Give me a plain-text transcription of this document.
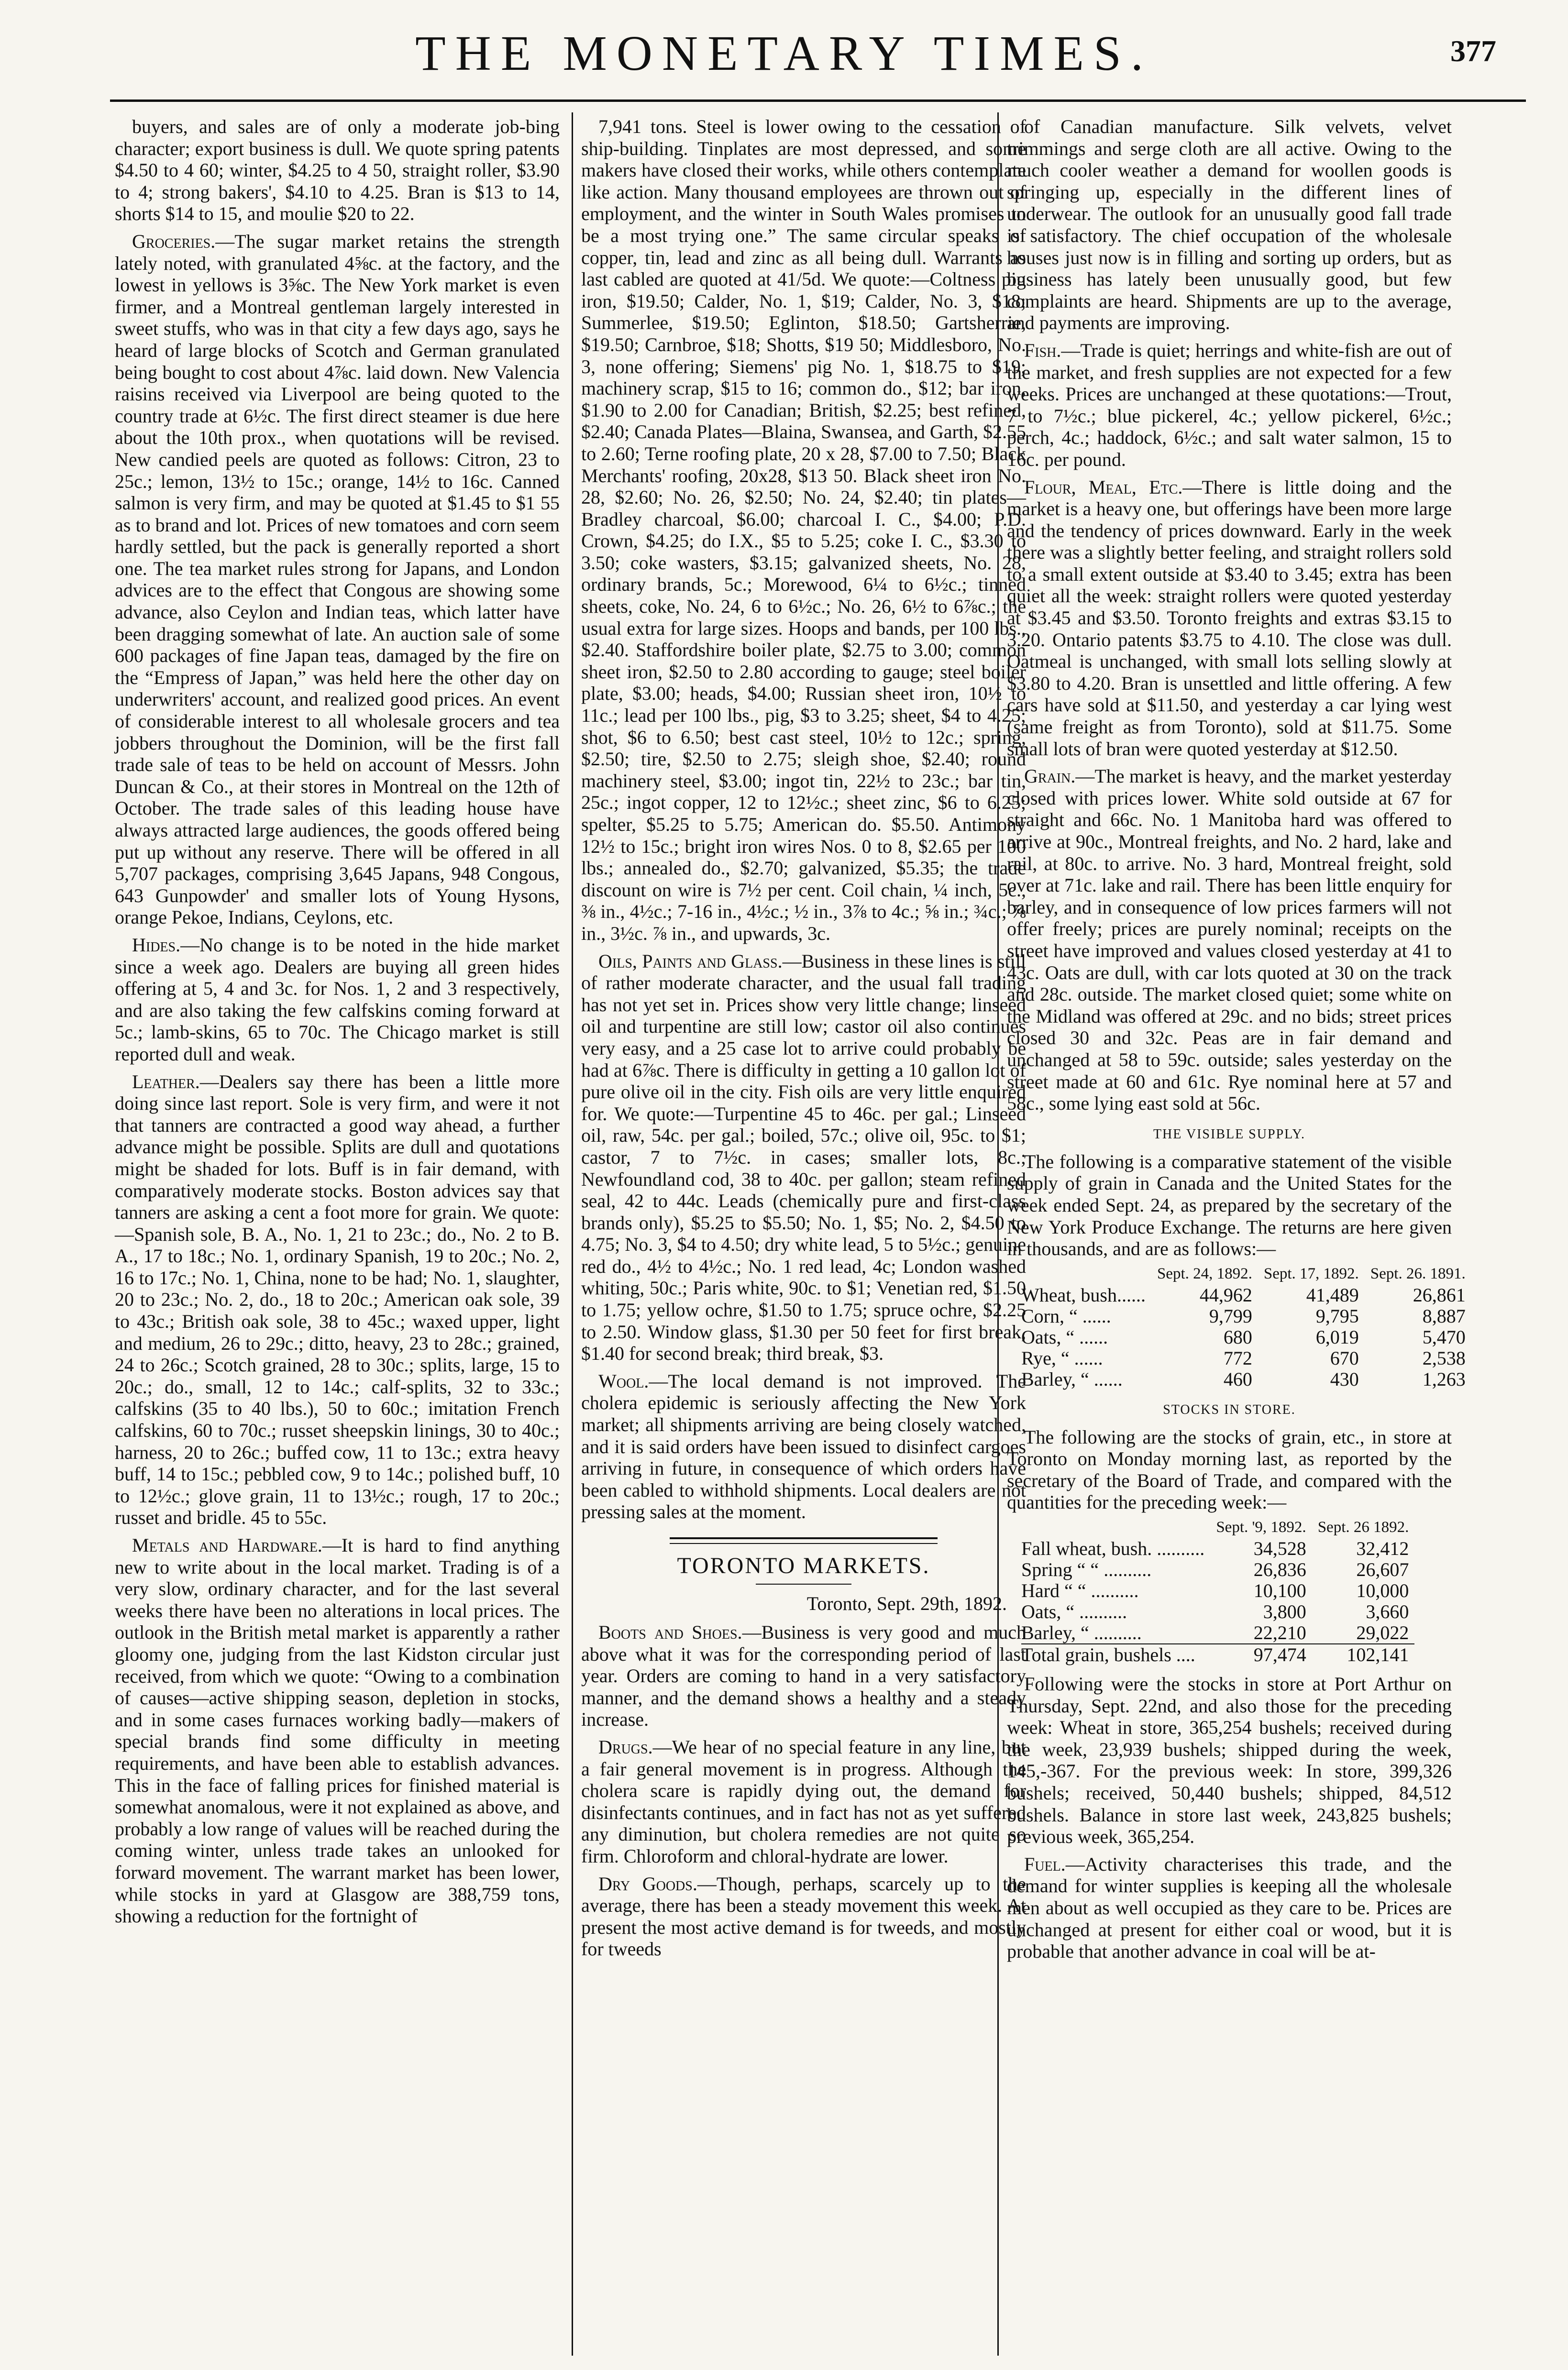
THE MONETARY TIMES.	377

buyers, and sales are of only a moderate job-bing character; export business is dull. We quote spring patents $4.50 to 4 60; winter, $4.25 to 4 50, straight roller, $3.90 to 4; strong bakers', $4.10 to 4.25. Bran is $13 to 14, shorts $14 to 15, and moulie $20 to 22.

Groceries.—The sugar market retains the strength lately noted, with granulated 4⅝c. at the factory, and the lowest in yellows is 3⅝c. The New York market is even firmer, and a Montreal gentleman largely interested in sweet stuffs, who was in that city a few days ago, says he heard of large blocks of Scotch and German granulated being bought to cost about 4⅞c. laid down. New Valencia raisins received via Liverpool are being quoted to the country trade at 6½c. The first direct steamer is due here about the 10th prox., when quotations will be revised. New candied peels are quoted as follows: Citron, 23 to 25c.; lemon, 13½ to 15c.; orange, 14½ to 16c. Canned salmon is very firm, and may be quoted at $1.45 to $1 55 as to brand and lot. Prices of new tomatoes and corn seem hardly settled, but the pack is generally reported a short one. The tea market rules strong for Japans, and London advices are to the effect that Congous are showing some advance, also Ceylon and Indian teas, which latter have been dragging somewhat of late. An auction sale of some 600 packages of fine Japan teas, damaged by the fire on the “Empress of Japan,” was held here the other day on underwriters' account, and realized good prices. An event of considerable interest to all wholesale grocers and tea jobbers throughout the Dominion, will be the first fall trade sale of teas to be held on account of Messrs. John Duncan & Co., at their stores in Montreal on the 12th of October. The trade sales of this leading house have always attracted large audiences, the goods offered being put up without any reserve. There will be offered in all 5,707 packages, comprising 3,645 Japans, 948 Congous, 643 Gunpowder' and smaller lots of Young Hysons, orange Pekoe, Indians, Ceylons, etc.

Hides.—No change is to be noted in the hide market since a week ago. Dealers are buying all green hides offering at 5, 4 and 3c. for Nos. 1, 2 and 3 respectively, and are also taking the few calfskins coming forward at 5c.; lamb-skins, 65 to 70c. The Chicago market is still reported dull and weak.

Leather.—Dealers say there has been a little more doing since last report. Sole is very firm, and were it not that tanners are contracted a good way ahead, a further advance might be possible. Splits are dull and quotations might be shaded for lots. Buff is in fair demand, with comparatively moderate stocks. Boston advices say that tanners are asking a cent a foot more for grain. We quote:—Spanish sole, B. A., No. 1, 21 to 23c.; do., No. 2 to B. A., 17 to 18c.; No. 1, ordinary Spanish, 19 to 20c.; No. 2, 16 to 17c.; No. 1, China, none to be had; No. 1, slaughter, 20 to 23c.; No. 2, do., 18 to 20c.; American oak sole, 39 to 43c.; British oak sole, 38 to 45c.; waxed upper, light and medium, 26 to 29c.; ditto, heavy, 23 to 28c.; grained, 24 to 26c.; Scotch grained, 28 to 30c.; splits, large, 15 to 20c.; do., small, 12 to 14c.; calf-splits, 32 to 33c.; calfskins (35 to 40 lbs.), 50 to 60c.; imitation French calfskins, 60 to 70c.; russet sheepskin linings, 30 to 40c.; harness, 20 to 26c.; buffed cow, 11 to 13c.; extra heavy buff, 14 to 15c.; pebbled cow, 9 to 14c.; polished buff, 10 to 12½c.; glove grain, 11 to 13½c.; rough, 17 to 20c.; russet and bridle. 45 to 55c.

Metals and Hardware.—It is hard to find anything new to write about in the local market. Trading is of a very slow, ordinary character, and for the last several weeks there have been no alterations in local prices. The outlook in the British metal market is apparently a rather gloomy one, judging from the last Kidston circular just received, from which we quote: “Owing to a combination of causes—active shipping season, depletion in stocks, and in some cases furnaces working badly—makers of special brands find some difficulty in meeting requirements, and have been able to establish advances. This in the face of falling prices for finished material is somewhat anomalous, were it not explained as above, and probably a low range of values will be reached during the coming winter, unless trade takes an unlooked for forward movement. The warrant market has been lower, while stocks in yard at Glasgow are 388,759 tons, showing a reduction for the fortnight of

7,941 tons. Steel is lower owing to the cessation of ship-building. Tinplates are most depressed, and some makers have closed their works, while others contemplate like action. Many thousand employees are thrown out of employment, and the winter in South Wales promises to be a most trying one.” The same circular speaks of copper, tin, lead and zinc as all being dull. Warrants as last cabled are quoted at 41/5d. We quote:—Coltness pig iron, $19.50; Calder, No. 1, $19; Calder, No. 3, $18; Summerlee, $19.50; Eglinton, $18.50; Gartsherrie, $19.50; Carnbroe, $18; Shotts, $19 50; Middlesboro, No. 3, none offering; Siemens' pig No. 1, $18.75 to $19; machinery scrap, $15 to 16; common do., $12; bar iron, $1.90 to 2.00 for Canadian; British, $2.25; best refined, $2.40; Canada Plates—Blaina, Swansea, and Garth, $2.55 to 2.60; Terne roofing plate, 20 x 28, $7.00 to 7.50; Black Merchants' roofing, 20x28, $13 50. Black sheet iron No. 28, $2.60; No. 26, $2.50; No. 24, $2.40; tin plates—Bradley charcoal, $6.00; charcoal I. C., $4.00; P.D. Crown, $4.25; do I.X., $5 to 5.25; coke I. C., $3.30 to 3.50; coke wasters, $3.15; galvanized sheets, No. 28, ordinary brands, 5c.; Morewood, 6¼ to 6½c.; tinned sheets, coke, No. 24, 6 to 6½c.; No. 26, 6½ to 6⅞c.; the usual extra for large sizes. Hoops and bands, per 100 lbs., $2.40. Staffordshire boiler plate, $2.75 to 3.00; common sheet iron, $2.50 to 2.80 according to gauge; steel boiler plate, $3.00; heads, $4.00; Russian sheet iron, 10½ to 11c.; lead per 100 lbs., pig, $3 to 3.25; sheet, $4 to 4.25; shot, $6 to 6.50; best cast steel, 10½ to 12c.; spring, $2.50; tire, $2.50 to 2.75; sleigh shoe, $2.40; round machinery steel, $3.00; ingot tin, 22½ to 23c.; bar tin, 25c.; ingot copper, 12 to 12½c.; sheet zinc, $6 to 6.25; spelter, $5.25 to 5.75; American do. $5.50. Antimony 12½ to 15c.; bright iron wires Nos. 0 to 8, $2.65 per 100 lbs.; annealed do., $2.70; galvanized, $5.35; the trade discount on wire is 7½ per cent. Coil chain, ¼ inch, 5c., ⅜ in., 4½c.; 7-16 in., 4½c.; ½ in., 3⅞ to 4c.; ⅝ in.; ¾c.; ⅞ in., 3½c. ⅞ in., and upwards, 3c.

Oils, Paints and Glass.—Business in these lines is still of rather moderate character, and the usual fall trading has not yet set in. Prices show very little change; linseed oil and turpentine are still low; castor oil also continues very easy, and a 25 case lot to arrive could probably be had at 6⅞c. There is difficulty in getting a 10 gallon lot of pure olive oil in the city. Fish oils are very little enquired for. We quote:—Turpentine 45 to 46c. per gal.; Linseed oil, raw, 54c. per gal.; boiled, 57c.; olive oil, 95c. to $1; castor, 7 to 7½c. in cases; smaller lots, 8c.; Newfoundland cod, 38 to 40c. per gallon; steam refined seal, 42 to 44c. Leads (chemically pure and first-class brands only), $5.25 to $5.50; No. 1, $5; No. 2, $4.50 to 4.75; No. 3, $4 to 4.50; dry white lead, 5 to 5½c.; genuine red do., 4½ to 4½c.; No. 1 red lead, 4c; London washed whiting, 50c.; Paris white, 90c. to $1; Venetian red, $1.50 to 1.75; yellow ochre, $1.50 to 1.75; spruce ochre, $2.25 to 2.50. Window glass, $1.30 per 50 feet for first break, $1.40 for second break; third break, $3.

Wool.—The local demand is not improved. The cholera epidemic is seriously affecting the New York market; all shipments arriving are being closely watched, and it is said orders have been issued to disinfect cargoes arriving in future, in consequence of which orders have been cabled to withhold shipments. Local dealers are not pressing sales at the moment.

TORONTO MARKETS.
Toronto, Sept. 29th, 1892.

Boots and Shoes.—Business is very good and much above what it was for the corresponding period of last year. Orders are coming to hand in a very satisfactory manner, and the demand shows a healthy and a steady increase.

Drugs.—We hear of no special feature in any line, but a fair general movement is in progress. Although the cholera scare is rapidly dying out, the demand for disinfectants continues, and in fact has not as yet suffered any diminution, but cholera remedies are not quite so firm. Chloroform and chloral-hydrate are lower.

Dry Goods.—Though, perhaps, scarcely up to the average, there has been a steady movement this week. At present the most active demand is for tweeds, and mostly for tweeds

of Canadian manufacture. Silk velvets, velvet trimmings and serge cloth are all active. Owing to the much cooler weather a demand for woollen goods is springing up, especially in the different lines of underwear. The outlook for an unusually good fall trade is satisfactory. The chief occupation of the wholesale houses just now is in filling and sorting up orders, but as business has lately been unusually good, but few complaints are heard. Shipments are up to the average, and payments are improving.

Fish.—Trade is quiet; herrings and white-fish are out of the market, and fresh supplies are not expected for a few weeks. Prices are unchanged at these quotations:—Trout, 7 to 7½c.; blue pickerel, 4c.; yellow pickerel, 6½c.; perch, 4c.; haddock, 6½c.; and salt water salmon, 15 to 16c. per pound.

Flour, Meal, Etc.—There is little doing and the market is a heavy one, but offerings have been more large and the tendency of prices downward. Early in the week there was a slightly better feeling, and straight rollers sold to a small extent outside at $3.40 to 3.45; extra has been quiet all the week: straight rollers were quoted yesterday at $3.45 and $3.50. Toronto freights and extras $3.15 to 3.20. Ontario patents $3.75 to 4.10. The close was dull. Oatmeal is unchanged, with small lots selling slowly at $3.80 to 4.20. Bran is unsettled and little offering. A few cars have sold at $11.50, and yesterday a car lying west (same freight as from Toronto), sold at $11.75. Some small lots of bran were quoted yesterday at $12.50.

Grain.—The market is heavy, and the market yesterday closed with prices lower. White sold outside at 67 for straight and 66c. No. 1 Manitoba hard was offered to arrive at 90c., Montreal freights, and No. 2 hard, lake and rail, at 80c. to arrive. No. 3 hard, Montreal freight, sold over at 71c. lake and rail. There has been little enquiry for barley, and in consequence of low prices farmers will not offer freely; prices are purely nominal; receipts on the street have improved and values closed yesterday at 41 to 43c. Oats are dull, with car lots quoted at 30 on the track and 28c. outside. The market closed quiet; some white on the Midland was offered at 29c. and no bids; street prices closed 30 and 32c. Peas are in fair demand and unchanged at 58 to 59c. outside; sales yesterday on the street made at 60 and 61c. Rye nominal here at 57 and 58c., some lying east sold at 56c.

THE VISIBLE SUPPLY.

The following is a comparative statement of the visible supply of grain in Canada and the United States for the week ended Sept. 24, as prepared by the secretary of the New York Produce Exchange. The returns are here given in thousands, and are as follows:—

	Sept. 24, 1892.	Sept. 17, 1892.	Sept. 26. 1891.
Wheat, bush......	44,962	41,489	26,861
Corn, “ ......	9,799	9,795	8,887
Oats, “ ......	680	6,019	5,470
Rye, “ ......	772	670	2,538
Barley, “ ......	460	430	1,263
STOCKS IN STORE.

The following are the stocks of grain, etc., in store at Toronto on Monday morning last, as reported by the secretary of the Board of Trade, and compared with the quantities for the preceding week:—

	Sept. '9, 1892.	Sept. 26 1892.
Fall wheat, bush. ..........	34,528	32,412
Spring “ “ ..........	26,836	26,607
Hard “ “ ..........	10,100	10,000
Oats, “ ..........	3,800	3,660
Barley, “ ..........	22,210	29,022
Total grain, bushels ....	97,474	102,141

Following were the stocks in store at Port Arthur on Thursday, Sept. 22nd, and also those for the preceding week: Wheat in store, 365,254 bushels; received during the week, 23,939 bushels; shipped during the week, 145,-367. For the previous week: In store, 399,326 bushels; received, 50,440 bushels; shipped, 84,512 bushels. Balance in store last week, 243,825 bushels; previous week, 365,254.

Fuel.—Activity characterises this trade, and the demand for winter supplies is keeping all the wholesale men about as well occupied as they care to be. Prices are unchanged at present for either coal or wood, but it is probable that another advance in coal will be at-
